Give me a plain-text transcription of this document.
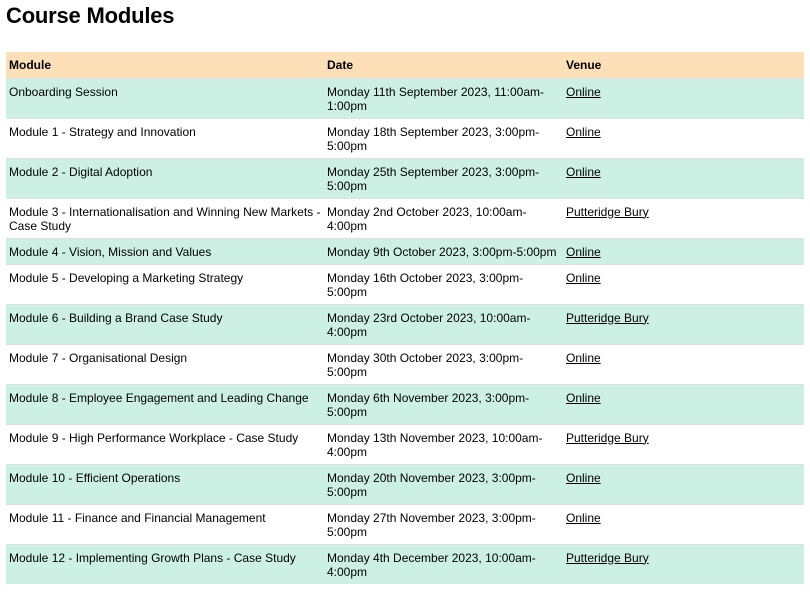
Course Modules
Module	Date	Venue
Onboarding Session	Monday 11th September 2023, 11:00am-1:00pm	Online
Module 1 - Strategy and Innovation	Monday 18th September 2023, 3:00pm-5:00pm	Online
Module 2 - Digital Adoption	Monday 25th September 2023, 3:00pm-5:00pm	Online
Module 3 - Internationalisation and Winning New Markets - Case Study	Monday 2nd October 2023, 10:00am-4:00pm	Putteridge Bury
Module 4 - Vision, Mission and Values	Monday 9th October 2023, 3:00pm-5:00pm	Online
Module 5 - Developing a Marketing Strategy	Monday 16th October 2023, 3:00pm-5:00pm	Online
Module 6 - Building a Brand Case Study	Monday 23rd October 2023, 10:00am-4:00pm	Putteridge Bury
Module 7 - Organisational Design	Monday 30th October 2023, 3:00pm-5:00pm	Online
Module 8 - Employee Engagement and Leading Change	Monday 6th November 2023, 3:00pm-5:00pm	Online
Module 9 - High Performance Workplace - Case Study	Monday 13th November 2023, 10:00am-4:00pm	Putteridge Bury
Module 10 - Efficient Operations	Monday 20th November 2023, 3:00pm-5:00pm	Online
Module 11 - Finance and Financial Management	Monday 27th November 2023, 3:00pm-5:00pm	Online
Module 12 - Implementing Growth Plans - Case Study	Monday 4th December 2023, 10:00am-4:00pm	Putteridge Bury
